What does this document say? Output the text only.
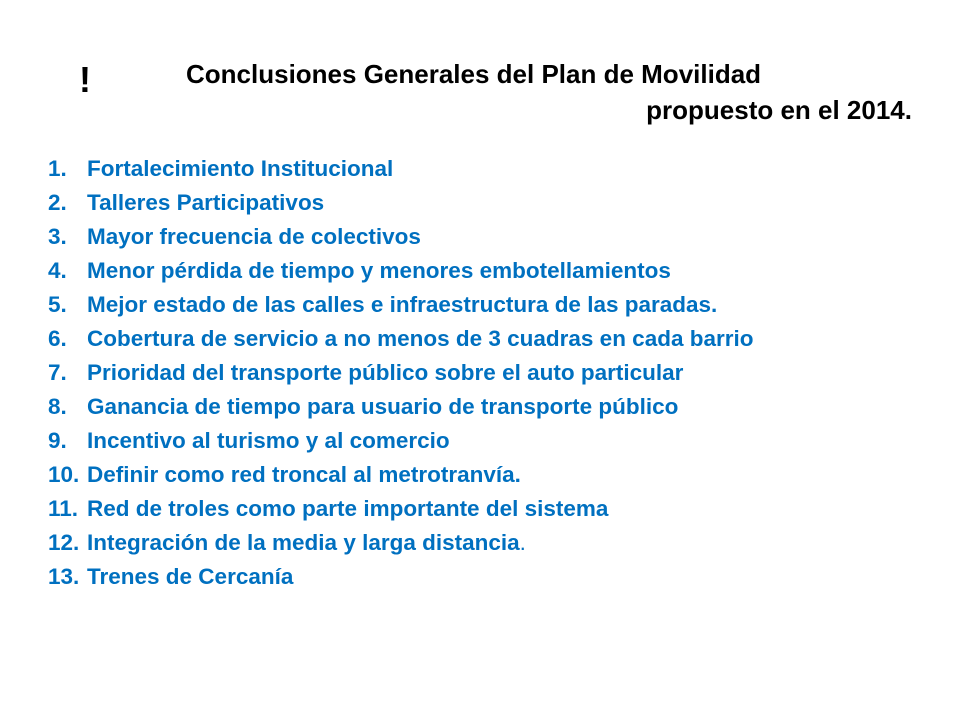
!	Conclusiones Generales del Plan de Movilidad
propuesto en el 2014.
1. Fortalecimiento Institucional
2. Talleres Participativos
3. Mayor frecuencia de colectivos
4. Menor pérdida de tiempo y menores embotellamientos
5. Mejor estado de las calles e infraestructura de las paradas.
6. Cobertura de servicio a no menos de 3 cuadras en cada barrio
7. Prioridad del transporte público sobre el auto particular
8. Ganancia de tiempo para usuario de transporte público
9. Incentivo al turismo y al comercio
10. Definir como red troncal al metrotranvía.
11. Red de troles como parte importante del sistema
12. Integración de la media y larga distancia .
13. Trenes de Cercanía
